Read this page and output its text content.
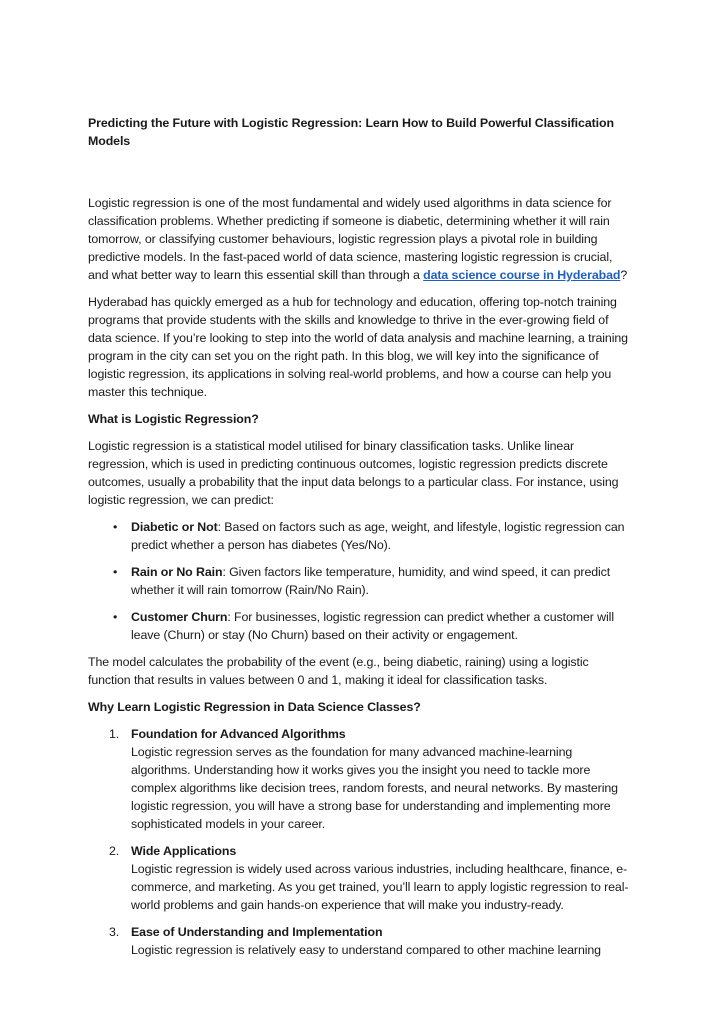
Predicting the Future with Logistic Regression: Learn How to Build Powerful Classification Models

Logistic regression is one of the most fundamental and widely used algorithms in data science for classification problems. Whether predicting if someone is diabetic, determining whether it will rain tomorrow, or classifying customer behaviours, logistic regression plays a pivotal role in building predictive models. In the fast-paced world of data science, mastering logistic regression is crucial, and what better way to learn this essential skill than through a data science course in Hyderabad?

Hyderabad has quickly emerged as a hub for technology and education, offering top-notch training programs that provide students with the skills and knowledge to thrive in the ever-growing field of data science. If you’re looking to step into the world of data analysis and machine learning, a training program in the city can set you on the right path. In this blog, we will key into the significance of logistic regression, its applications in solving real-world problems, and how a course can help you master this technique.

What is Logistic Regression?

Logistic regression is a statistical model utilised for binary classification tasks. Unlike linear regression, which is used in predicting continuous outcomes, logistic regression predicts discrete outcomes, usually a probability that the input data belongs to a particular class. For instance, using logistic regression, we can predict:

• Diabetic or Not: Based on factors such as age, weight, and lifestyle, logistic regression can predict whether a person has diabetes (Yes/No).
• Rain or No Rain: Given factors like temperature, humidity, and wind speed, it can predict whether it will rain tomorrow (Rain/No Rain).
• Customer Churn: For businesses, logistic regression can predict whether a customer will leave (Churn) or stay (No Churn) based on their activity or engagement.

The model calculates the probability of the event (e.g., being diabetic, raining) using a logistic function that results in values between 0 and 1, making it ideal for classification tasks.

Why Learn Logistic Regression in Data Science Classes?
1. Foundation for Advanced Algorithms
Logistic regression serves as the foundation for many advanced machine-learning algorithms. Understanding how it works gives you the insight you need to tackle more complex algorithms like decision trees, random forests, and neural networks. By mastering logistic regression, you will have a strong base for understanding and implementing more sophisticated models in your career.
2. Wide Applications
Logistic regression is widely used across various industries, including healthcare, finance, e-commerce, and marketing. As you get trained, you’ll learn to apply logistic regression to real-world problems and gain hands-on experience that will make you industry-ready.
3. Ease of Understanding and Implementation
Logistic regression is relatively easy to understand compared to other machine learning
